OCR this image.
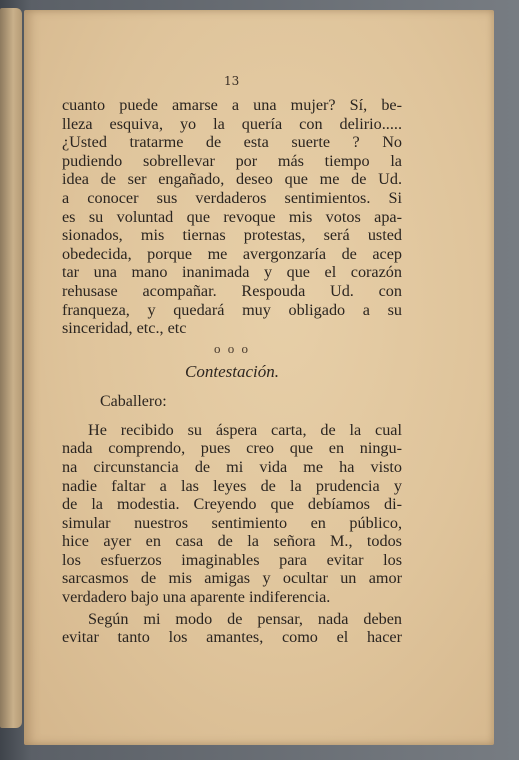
13
cuanto puede amarse a una mujer? Sí, be-
lleza esquiva, yo la quería con delirio.....
¿Usted tratarme de esta suerte ? No
pudiendo sobrellevar por más tiempo la
idea de ser engañado, deseo que me de Ud.
a conocer sus verdaderos sentimientos. Si
es su voluntad que revoque mis votos apa-
sionados, mis tiernas protestas, será usted
obedecida, porque me avergonzaría de acep
tar una mano inanimada y que el corazón
rehusase acompañar. Respouda Ud. con
franqueza, y quedará muy obligado a su
sinceridad, etc., etc
o o o
Contestación.
Caballero:
He recibido su áspera carta, de la cual
nada comprendo, pues creo que en ningu-
na circunstancia de mi vida me ha visto
nadie faltar a las leyes de la prudencia y
de la modestia. Creyendo que debíamos di-
simular nuestros sentimiento en público,
hice ayer en casa de la señora M., todos
los esfuerzos imaginables para evitar los
sarcasmos de mis amigas y ocultar un amor
verdadero bajo una aparente indiferencia.
Según mi modo de pensar, nada deben
evitar tanto los amantes, como el hacer
